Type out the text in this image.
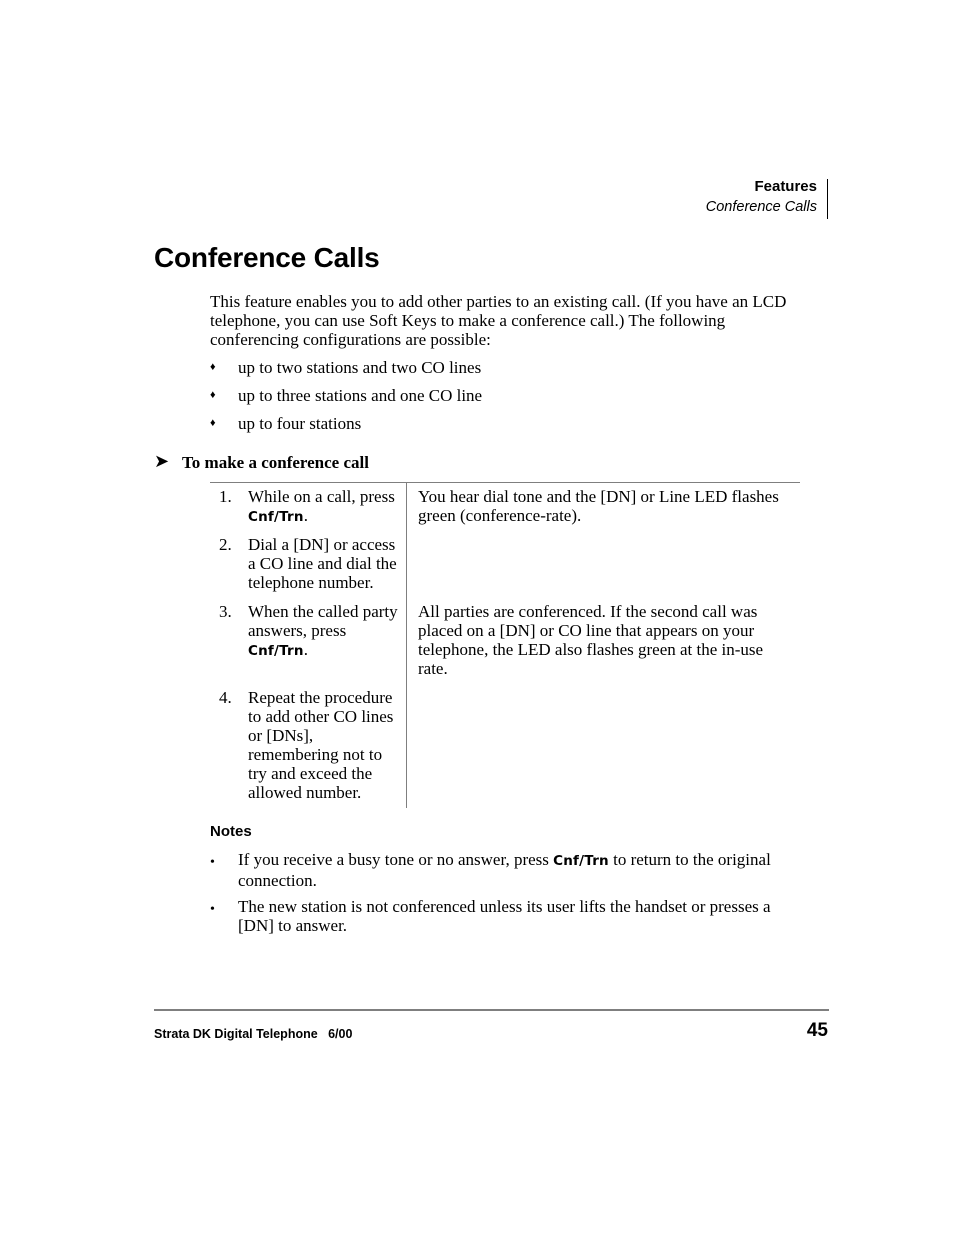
Features
Conference Calls
Conference Calls

This feature enables you to add other parties to an existing call. (If you have an LCD telephone, you can use Soft Keys to make a conference call.) The following conferencing configurations are possible:

♦ up to two stations and two CO lines
♦ up to three stations and one CO line
♦ up to four stations
➤ To make a conference call
1. While on a call, press
Cnf/Trn.
You hear dial tone and the [DN] or Line LED flashes green (conference-rate).
2. Dial a [DN] or access a CO line and dial the telephone number.
3. When the called party answers, press
Cnf/Trn.
All parties are conferenced. If the second call was placed on a [DN] or CO line that appears on your telephone, the LED also flashes green at the in-use rate.
4. Repeat the procedure to add other CO lines or [DNs], remembering not to try and exceed the allowed number.
Notes
• If you receive a busy tone or no answer, press Cnf/Trn to return to the original connection.
• The new station is not conferenced unless its user lifts the handset or presses a [DN] to answer.
Strata DK Digital Telephone   6/00	45
